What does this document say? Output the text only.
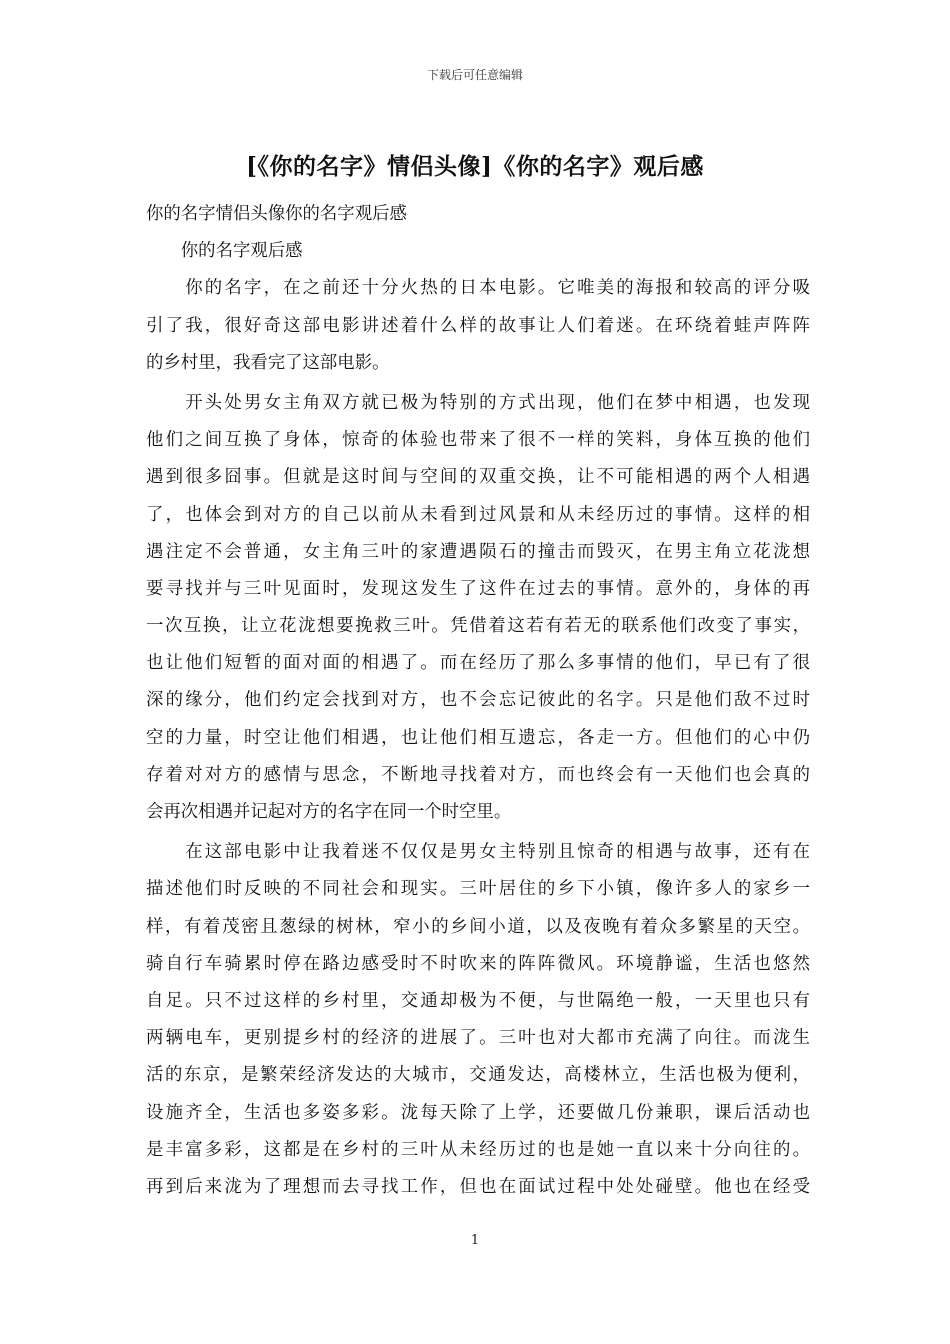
下载后可任意编辑
[《你的名字》情侣头像]《你的名字》观后感
你的名字情侣头像你的名字观后感
　　你的名字观后感
　　你的名字，在之前还十分火热的日本电影。它唯美的海报和较高的评分吸
引了我，很好奇这部电影讲述着什么样的故事让人们着迷。在环绕着蛙声阵阵
的乡村里，我看完了这部电影。
　　开头处男女主角双方就已极为特别的方式出现，他们在梦中相遇，也发现
他们之间互换了身体，惊奇的体验也带来了很不一样的笑料，身体互换的他们
遇到很多囧事。但就是这时间与空间的双重交换，让不可能相遇的两个人相遇
了，也体会到对方的自己以前从未看到过风景和从未经历过的事情。这样的相
遇注定不会普通，女主角三叶的家遭遇陨石的撞击而毁灭，在男主角立花泷想
要寻找并与三叶见面时，发现这发生了这件在过去的事情。意外的，身体的再
一次互换，让立花泷想要挽救三叶。凭借着这若有若无的联系他们改变了事实，
也让他们短暂的面对面的相遇了。而在经历了那么多事情的他们，早已有了很
深的缘分，他们约定会找到对方，也不会忘记彼此的名字。只是他们敌不过时
空的力量，时空让他们相遇，也让他们相互遗忘，各走一方。但他们的心中仍
存着对对方的感情与思念，不断地寻找着对方，而也终会有一天他们也会真的
会再次相遇并记起对方的名字在同一个时空里。
　　在这部电影中让我着迷不仅仅是男女主特别且惊奇的相遇与故事，还有在
描述他们时反映的不同社会和现实。三叶居住的乡下小镇，像许多人的家乡一
样，有着茂密且葱绿的树林，窄小的乡间小道，以及夜晚有着众多繁星的天空。
骑自行车骑累时停在路边感受时不时吹来的阵阵微风。环境静谧，生活也悠然
自足。只不过这样的乡村里，交通却极为不便，与世隔绝一般，一天里也只有
两辆电车，更别提乡村的经济的进展了。三叶也对大都市充满了向往。而泷生
活的东京，是繁荣经济发达的大城市，交通发达，高楼林立，生活也极为便利，
设施齐全，生活也多姿多彩。泷每天除了上学，还要做几份兼职，课后活动也
是丰富多彩，这都是在乡村的三叶从未经历过的也是她一直以来十分向往的。
再到后来泷为了理想而去寻找工作，但也在面试过程中处处碰壁。他也在经受
1
